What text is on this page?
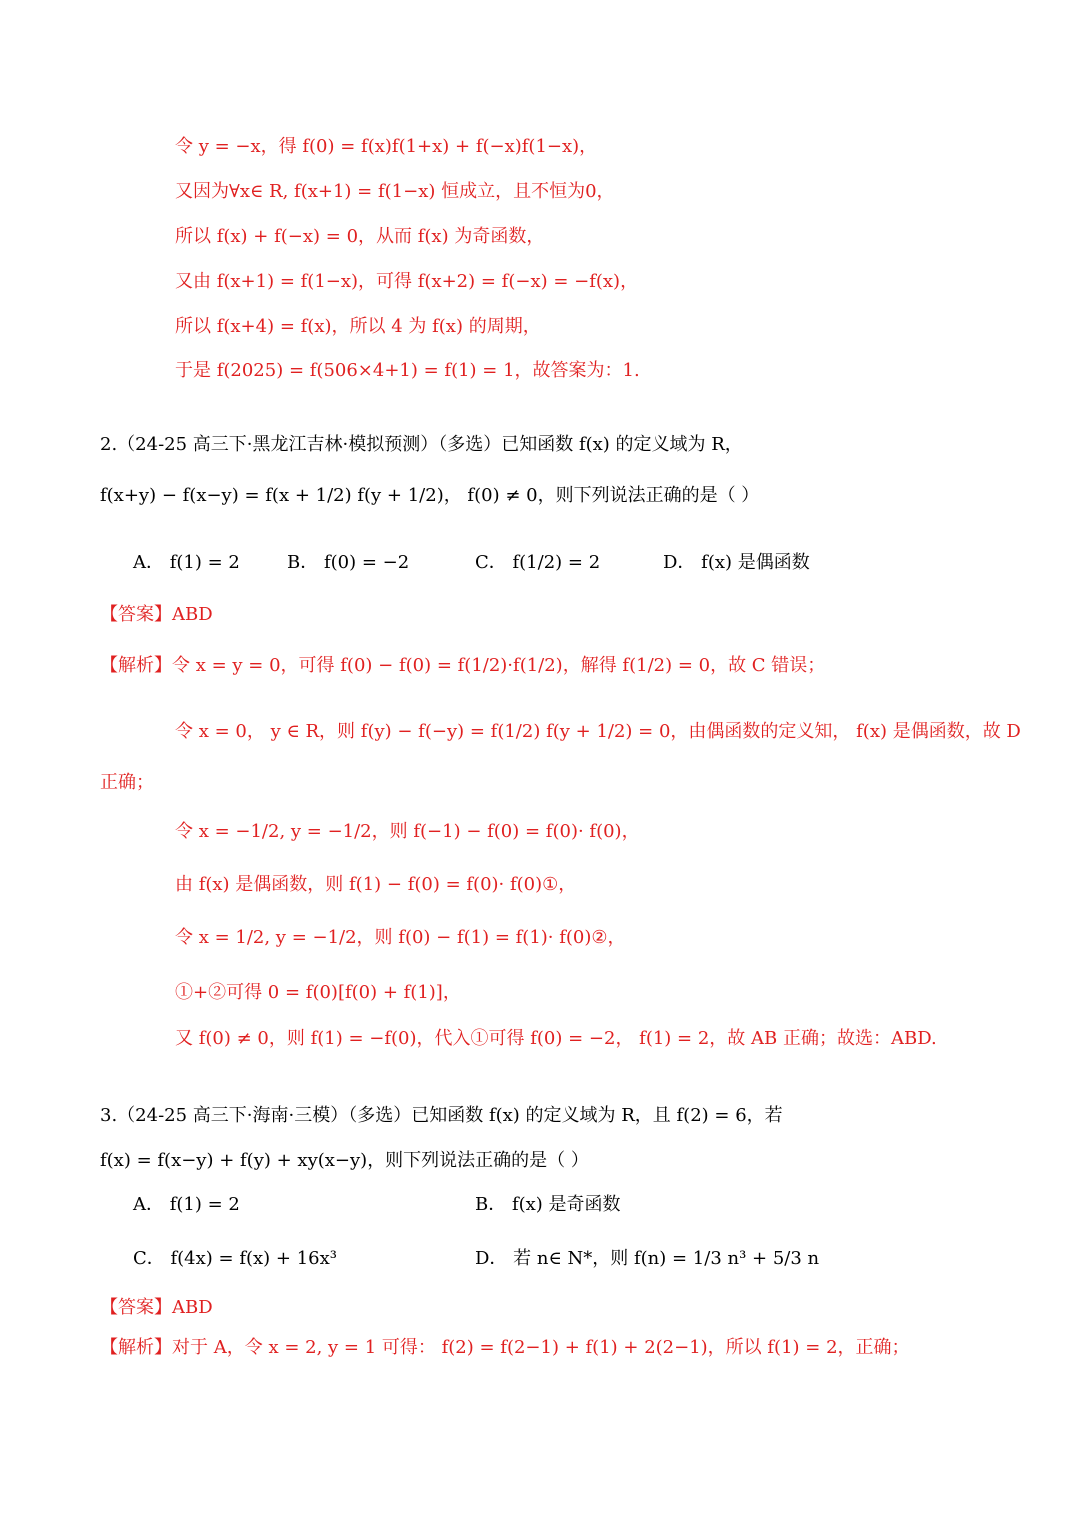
令 y = −x，得 f(0) = f(x)f(1+x) + f(−x)f(1−x)，
又因为∀x∈ R, f(x+1) = f(1−x) 恒成立，且不恒为0，
所以 f(x) + f(−x) = 0，从而 f(x) 为奇函数，
又由 f(x+1) = f(1−x)，可得 f(x+2) = f(−x) = −f(x)，
所以 f(x+4) = f(x)，所以 4 为 f(x) 的周期，
于是 f(2025) = f(506×4+1) = f(1) = 1，故答案为：1.
2.（24-25 高三下·黑龙江吉林·模拟预测）（多选）已知函数 f(x) 的定义域为 R，
f(x+y) − f(x−y) = f(x + 1/2) f(y + 1/2)， f(0) ≠ 0，则下列说法正确的是（ ）
A． f(1) = 2	B． f(0) = −2	C． f(1/2) = 2	D． f(x) 是偶函数
【答案】ABD
【解析】令 x = y = 0，可得 f(0) − f(0) = f(1/2)·f(1/2)，解得 f(1/2) = 0，故 C 错误；
令 x = 0， y ∈ R，则 f(y) − f(−y) = f(1/2) f(y + 1/2) = 0，由偶函数的定义知， f(x) 是偶函数，故 D
正确；
令 x = −1/2, y = −1/2，则 f(−1) − f(0) = f(0)· f(0)，
由 f(x) 是偶函数，则 f(1) − f(0) = f(0)· f(0)①，
令 x = 1/2, y = −1/2，则 f(0) − f(1) = f(1)· f(0)②，
①+②可得 0 = f(0)[f(0) + f(1)]，
又 f(0) ≠ 0，则 f(1) = −f(0)，代入①可得 f(0) = −2， f(1) = 2，故 AB 正确；故选：ABD.
3.（24-25 高三下·海南·三模）（多选）已知函数 f(x) 的定义域为 R，且 f(2) = 6，若
f(x) = f(x−y) + f(y) + xy(x−y)，则下列说法正确的是（ ）
A． f(1) = 2	B． f(x) 是奇函数
C． f(4x) = f(x) + 16x³	D． 若 n∈ N*，则 f(n) = 1/3 n³ + 5/3 n
【答案】ABD
【解析】对于 A，令 x = 2, y = 1 可得： f(2) = f(2−1) + f(1) + 2(2−1)，所以 f(1) = 2，正确；
